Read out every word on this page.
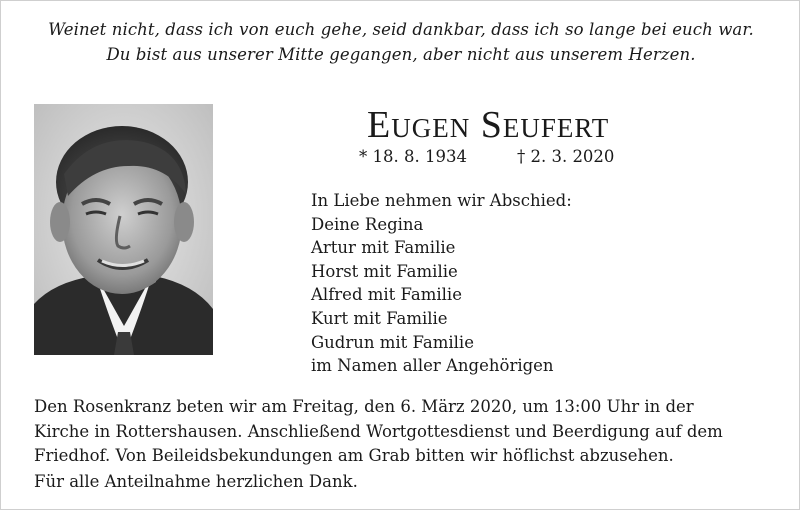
Weinet nicht, dass ich von euch gehe, seid dankbar, dass ich so lange bei euch war.
Du bist aus unserer Mitte gegangen, aber nicht aus unserem Herzen.
Eugen Seufert
* 18. 8. 1934	† 2. 3. 2020
In Liebe nehmen wir Abschied:
Deine Regina
Artur mit Familie
Horst mit Familie
Alfred mit Familie
Kurt mit Familie
Gudrun mit Familie
im Namen aller Angehörigen
Den Rosenkranz beten wir am Freitag, den 6. März 2020, um 13:00 Uhr in der
Kirche in Rottershausen. Anschließend Wortgottesdienst und Beerdigung auf dem
Friedhof. Von Beileidsbekundungen am Grab bitten wir höflichst abzusehen.
Für alle Anteilnahme herzlichen Dank.
